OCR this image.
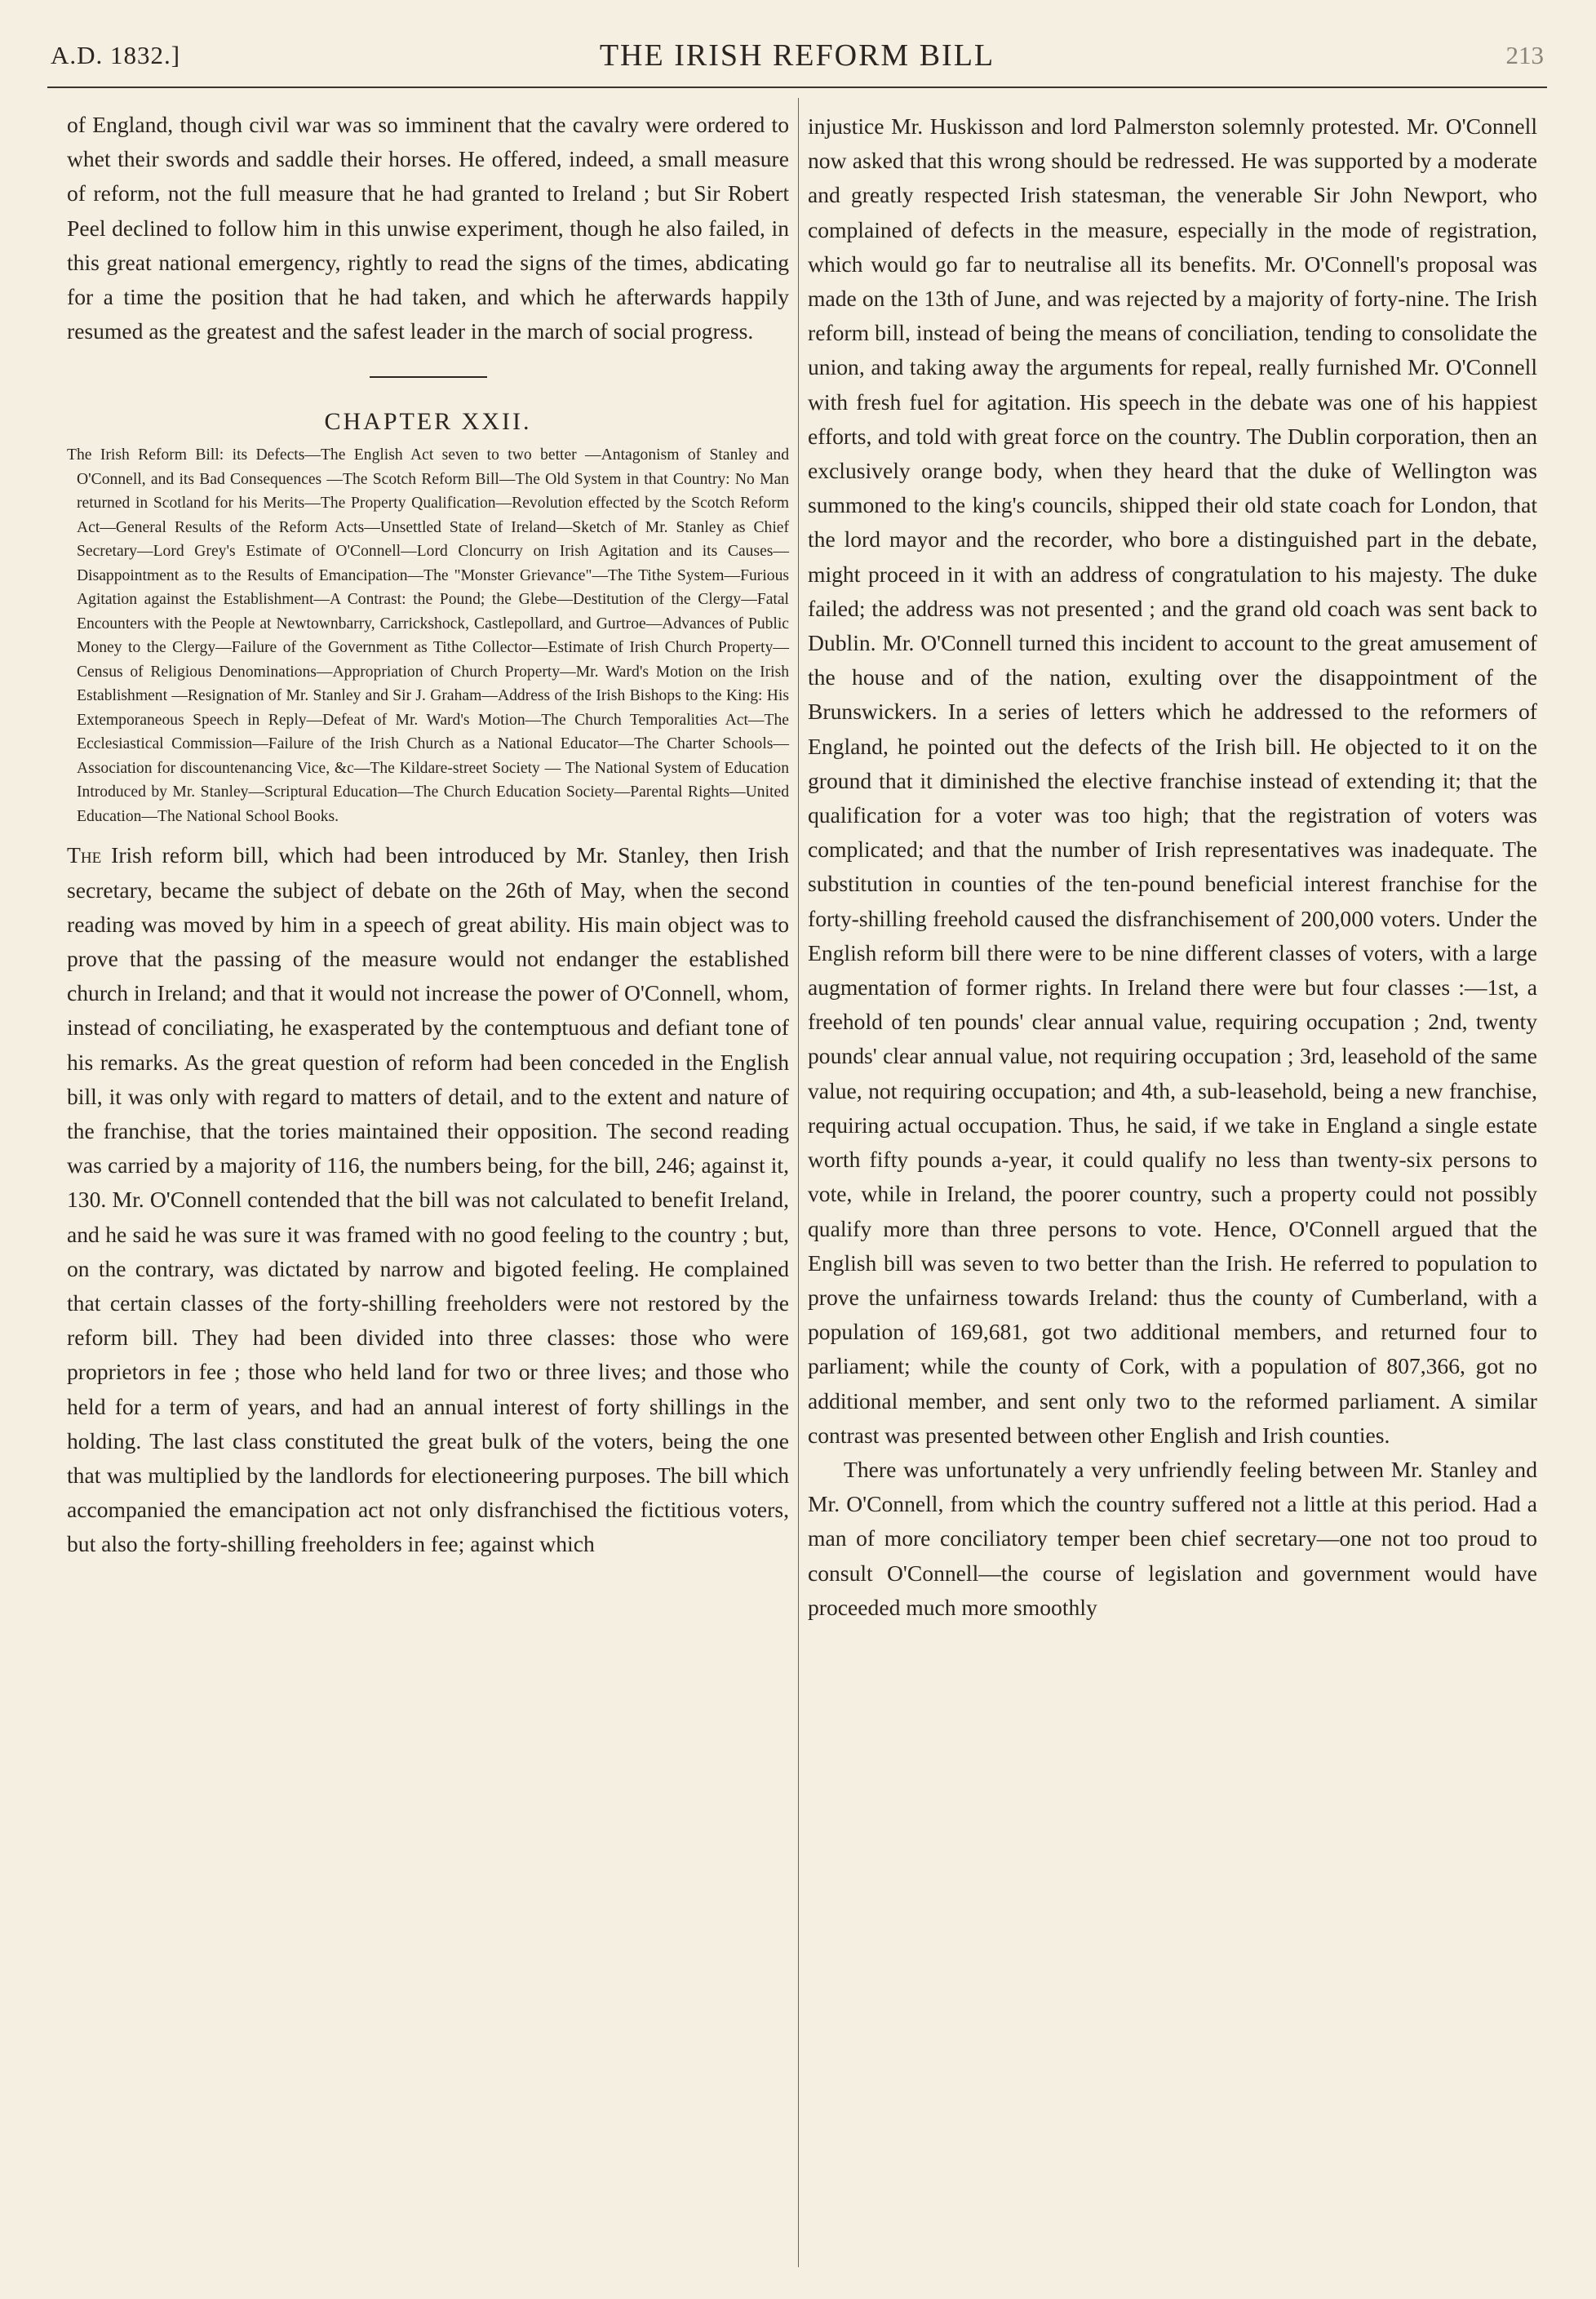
A.D. 1832.]	THE IRISH REFORM BILL	213

of England, though civil war was so imminent that the cavalry were ordered to whet their swords and saddle their horses. He offered, indeed, a small measure of reform, not the full measure that he had granted to Ireland ; but Sir Robert Peel declined to follow him in this unwise experiment, though he also failed, in this great national emergency, rightly to read the signs of the times, abdicating for a time the position that he had taken, and which he afterwards happily resumed as the greatest and the safest leader in the march of social progress.

CHAPTER XXII.

The Irish Reform Bill: its Defects—The English Act seven to two better —Antagonism of Stanley and O'Connell, and its Bad Consequences —The Scotch Reform Bill—The Old System in that Country: No Man returned in Scotland for his Merits—The Property Qualification—Revolution effected by the Scotch Reform Act—General Results of the Reform Acts—Unsettled State of Ireland—Sketch of Mr. Stanley as Chief Secretary—Lord Grey's Estimate of O'Connell—Lord Cloncurry on Irish Agitation and its Causes—Disappointment as to the Results of Emancipation—The "Monster Grievance"—The Tithe System—Furious Agitation against the Establishment—A Contrast: the Pound; the Glebe—Destitution of the Clergy—Fatal Encounters with the People at Newtownbarry, Carrickshock, Castlepollard, and Gurtroe—Advances of Public Money to the Clergy—Failure of the Government as Tithe Collector—Estimate of Irish Church Property—Census of Religious Denominations—Appropriation of Church Property—Mr. Ward's Motion on the Irish Establishment —Resignation of Mr. Stanley and Sir J. Graham—Address of the Irish Bishops to the King: His Extemporaneous Speech in Reply—Defeat of Mr. Ward's Motion—The Church Temporalities Act—The Ecclesiastical Commission—Failure of the Irish Church as a National Educator—The Charter Schools—Association for discountenancing Vice, &c—The Kildare-street Society — The National System of Education Introduced by Mr. Stanley—Scriptural Education—The Church Education Society—Parental Rights—United Education—The National School Books.

The Irish reform bill, which had been introduced by Mr. Stanley, then Irish secretary, became the subject of debate on the 26th of May, when the second reading was moved by him in a speech of great ability. His main object was to prove that the passing of the measure would not endanger the established church in Ireland; and that it would not increase the power of O'Connell, whom, instead of conciliating, he exasperated by the contemptuous and defiant tone of his remarks. As the great question of reform had been conceded in the English bill, it was only with regard to matters of detail, and to the extent and nature of the franchise, that the tories maintained their opposition. The second reading was carried by a majority of 116, the numbers being, for the bill, 246; against it, 130. Mr. O'Connell contended that the bill was not calculated to benefit Ireland, and he said he was sure it was framed with no good feeling to the country ; but, on the contrary, was dictated by narrow and bigoted feeling. He complained that certain classes of the forty-shilling freeholders were not restored by the reform bill. They had been divided into three classes: those who were proprietors in fee ; those who held land for two or three lives; and those who held for a term of years, and had an annual interest of forty shillings in the holding. The last class constituted the great bulk of the voters, being the one that was multiplied by the landlords for electioneering purposes. The bill which accompanied the emancipation act not only disfranchised the fictitious voters, but also the forty-shilling freeholders in fee; against which

injustice Mr. Huskisson and lord Palmerston solemnly protested. Mr. O'Connell now asked that this wrong should be redressed. He was supported by a moderate and greatly respected Irish statesman, the venerable Sir John Newport, who complained of defects in the measure, especially in the mode of registration, which would go far to neutralise all its benefits. Mr. O'Connell's proposal was made on the 13th of June, and was rejected by a majority of forty-nine. The Irish reform bill, instead of being the means of conciliation, tending to consolidate the union, and taking away the arguments for repeal, really furnished Mr. O'Connell with fresh fuel for agitation. His speech in the debate was one of his happiest efforts, and told with great force on the country. The Dublin corporation, then an exclusively orange body, when they heard that the duke of Wellington was summoned to the king's councils, shipped their old state coach for London, that the lord mayor and the recorder, who bore a distinguished part in the debate, might proceed in it with an address of congratulation to his majesty. The duke failed; the address was not presented ; and the grand old coach was sent back to Dublin. Mr. O'Connell turned this incident to account to the great amusement of the house and of the nation, exulting over the disappointment of the Brunswickers. In a series of letters which he addressed to the reformers of England, he pointed out the defects of the Irish bill. He objected to it on the ground that it diminished the elective franchise instead of extending it; that the qualification for a voter was too high; that the registration of voters was complicated; and that the number of Irish representatives was inadequate. The substitution in counties of the ten-pound beneficial interest franchise for the forty-shilling freehold caused the disfranchisement of 200,000 voters. Under the English reform bill there were to be nine different classes of voters, with a large augmentation of former rights. In Ireland there were but four classes :—1st, a freehold of ten pounds' clear annual value, requiring occupation ; 2nd, twenty pounds' clear annual value, not requiring occupation ; 3rd, leasehold of the same value, not requiring occupation; and 4th, a sub-leasehold, being a new franchise, requiring actual occupation. Thus, he said, if we take in England a single estate worth fifty pounds a-year, it could qualify no less than twenty-six persons to vote, while in Ireland, the poorer country, such a property could not possibly qualify more than three persons to vote. Hence, O'Connell argued that the English bill was seven to two better than the Irish. He referred to population to prove the unfairness towards Ireland: thus the county of Cumberland, with a population of 169,681, got two additional members, and returned four to parliament; while the county of Cork, with a population of 807,366, got no additional member, and sent only two to the reformed parliament. A similar contrast was presented between other English and Irish counties.

There was unfortunately a very unfriendly feeling between Mr. Stanley and Mr. O'Connell, from which the country suffered not a little at this period. Had a man of more conciliatory temper been chief secretary—one not too proud to consult O'Connell—the course of legislation and government would have proceeded much more smoothly
